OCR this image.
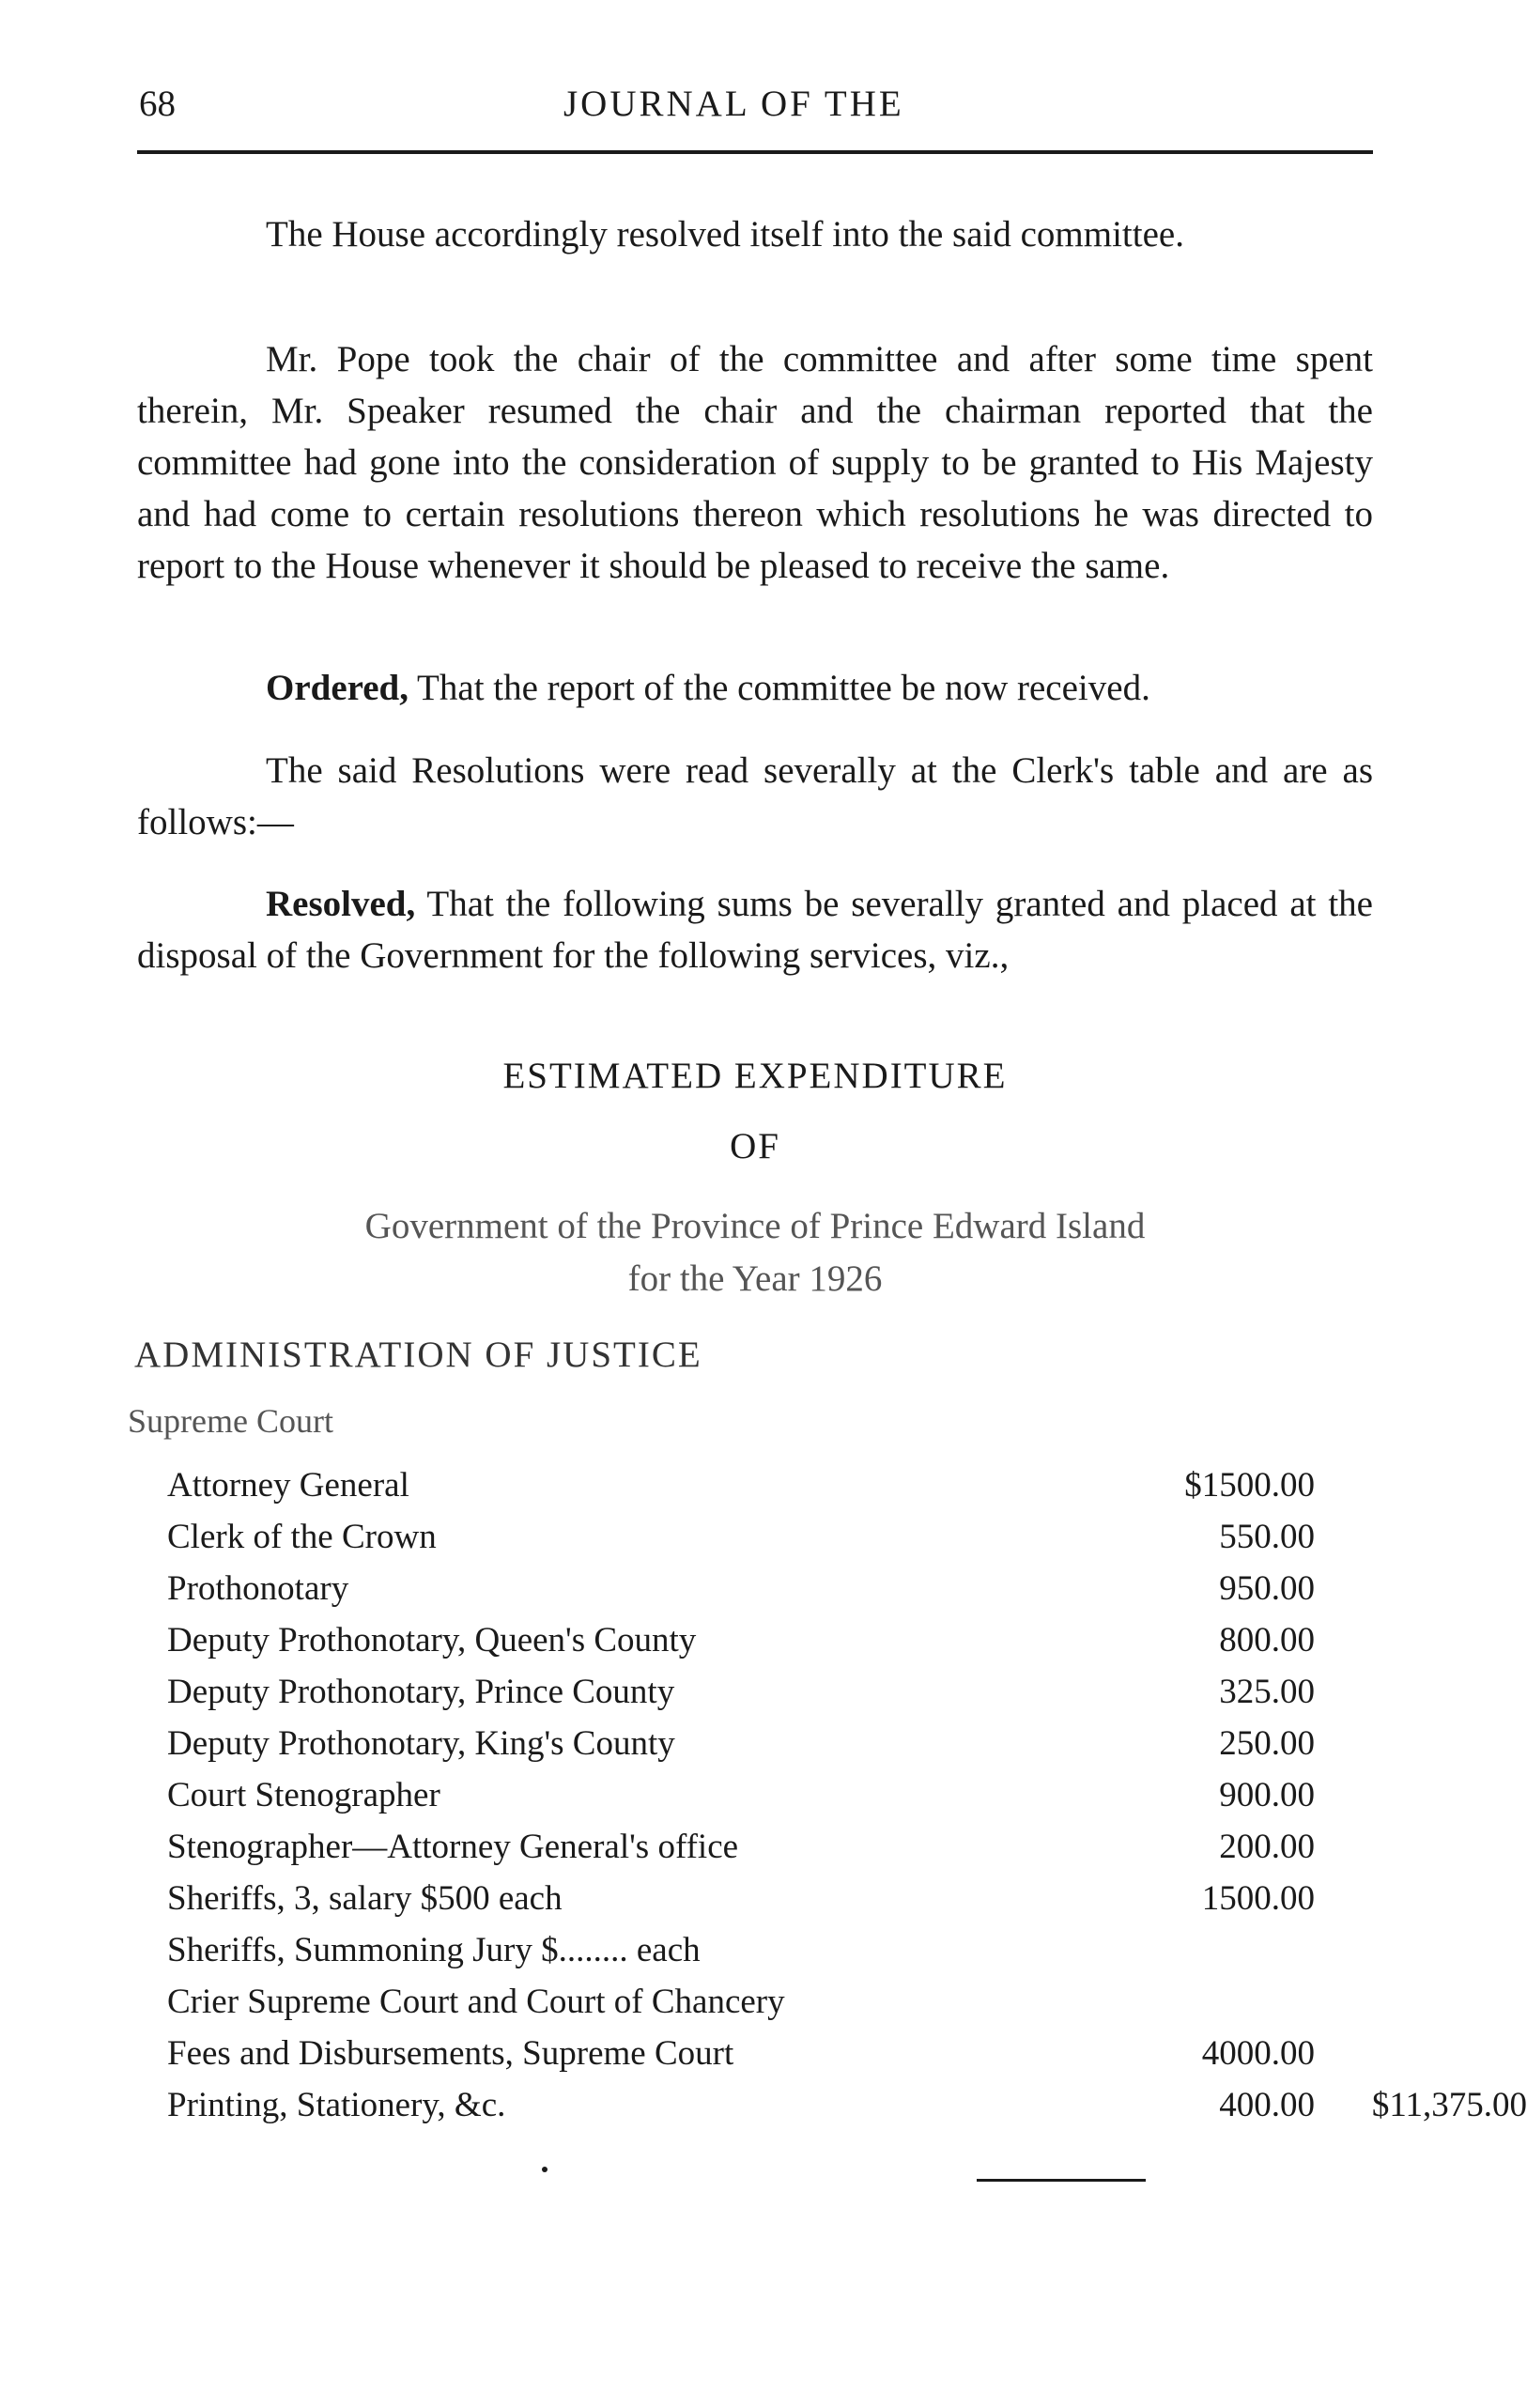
68	JOURNAL OF THE

The House accordingly resolved itself into the said committee.

Mr. Pope took the chair of the committee and after some time spent therein, Mr. Speaker resumed the chair and the chairman reported that the committee had gone into the consideration of supply to be granted to His Majesty and had come to certain resolutions thereon which resolutions he was directed to report to the House whenever it should be pleased to receive the same.

Ordered, That the report of the committee be now received.

The said Resolutions were read severally at the Clerk's table and are as follows:—

Resolved, That the following sums be severally granted and placed at the disposal of the Government for the following services, viz.,

ESTIMATED EXPENDITURE
OF
Government of the Province of Prince Edward Island
for the Year 1926
ADMINISTRATION OF JUSTICE
Supreme Court
Attorney General	$1500.00
Clerk of the Crown	550.00
Prothonotary	950.00
Deputy Prothonotary, Queen's County	800.00
Deputy Prothonotary, Prince County	325.00
Deputy Prothonotary, King's County	250.00
Court Stenographer	900.00
Stenographer—Attorney General's office	200.00
Sheriffs, 3, salary $500 each	1500.00
Sheriffs, Summoning Jury $........ each
Crier Supreme Court and Court of Chancery
Fees and Disbursements, Supreme Court	4000.00
Printing, Stationery, &c.	400.00	$11,375.00
